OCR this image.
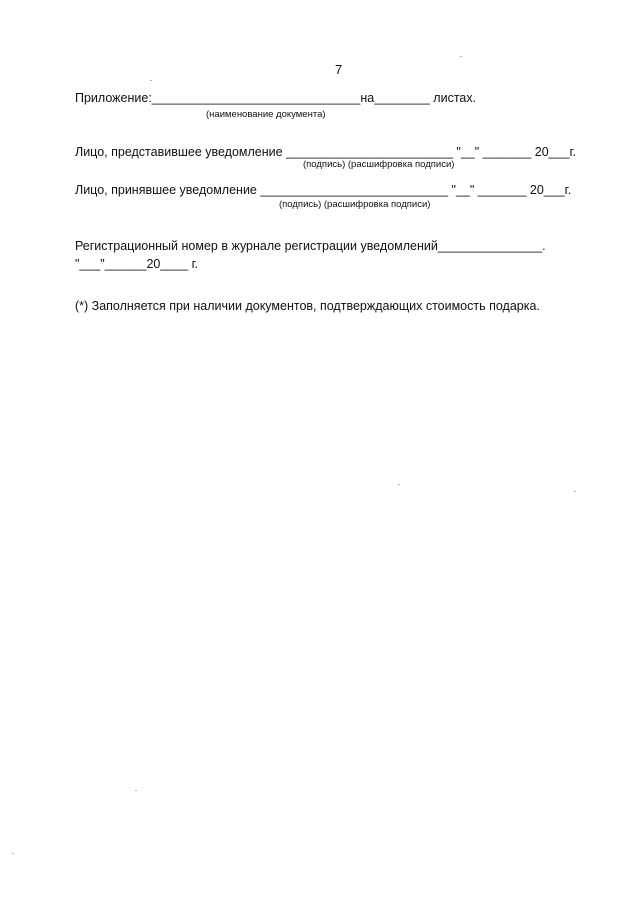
7
Приложение:______________________________на________ листах.
(наименование документа)
Лицо, представившее уведомление ________________________ "__" _______ 20___г.
(подпись) (расшифровка подписи)
Лицо, принявшее уведомление ___________________________ "__" _______ 20___г.
(подпись) (расшифровка подписи)
Регистрационный номер в журнале регистрации уведомлений_______________.
"___"______20____ г.
(*) Заполняется при наличии документов, подтверждающих стоимость подарка.
